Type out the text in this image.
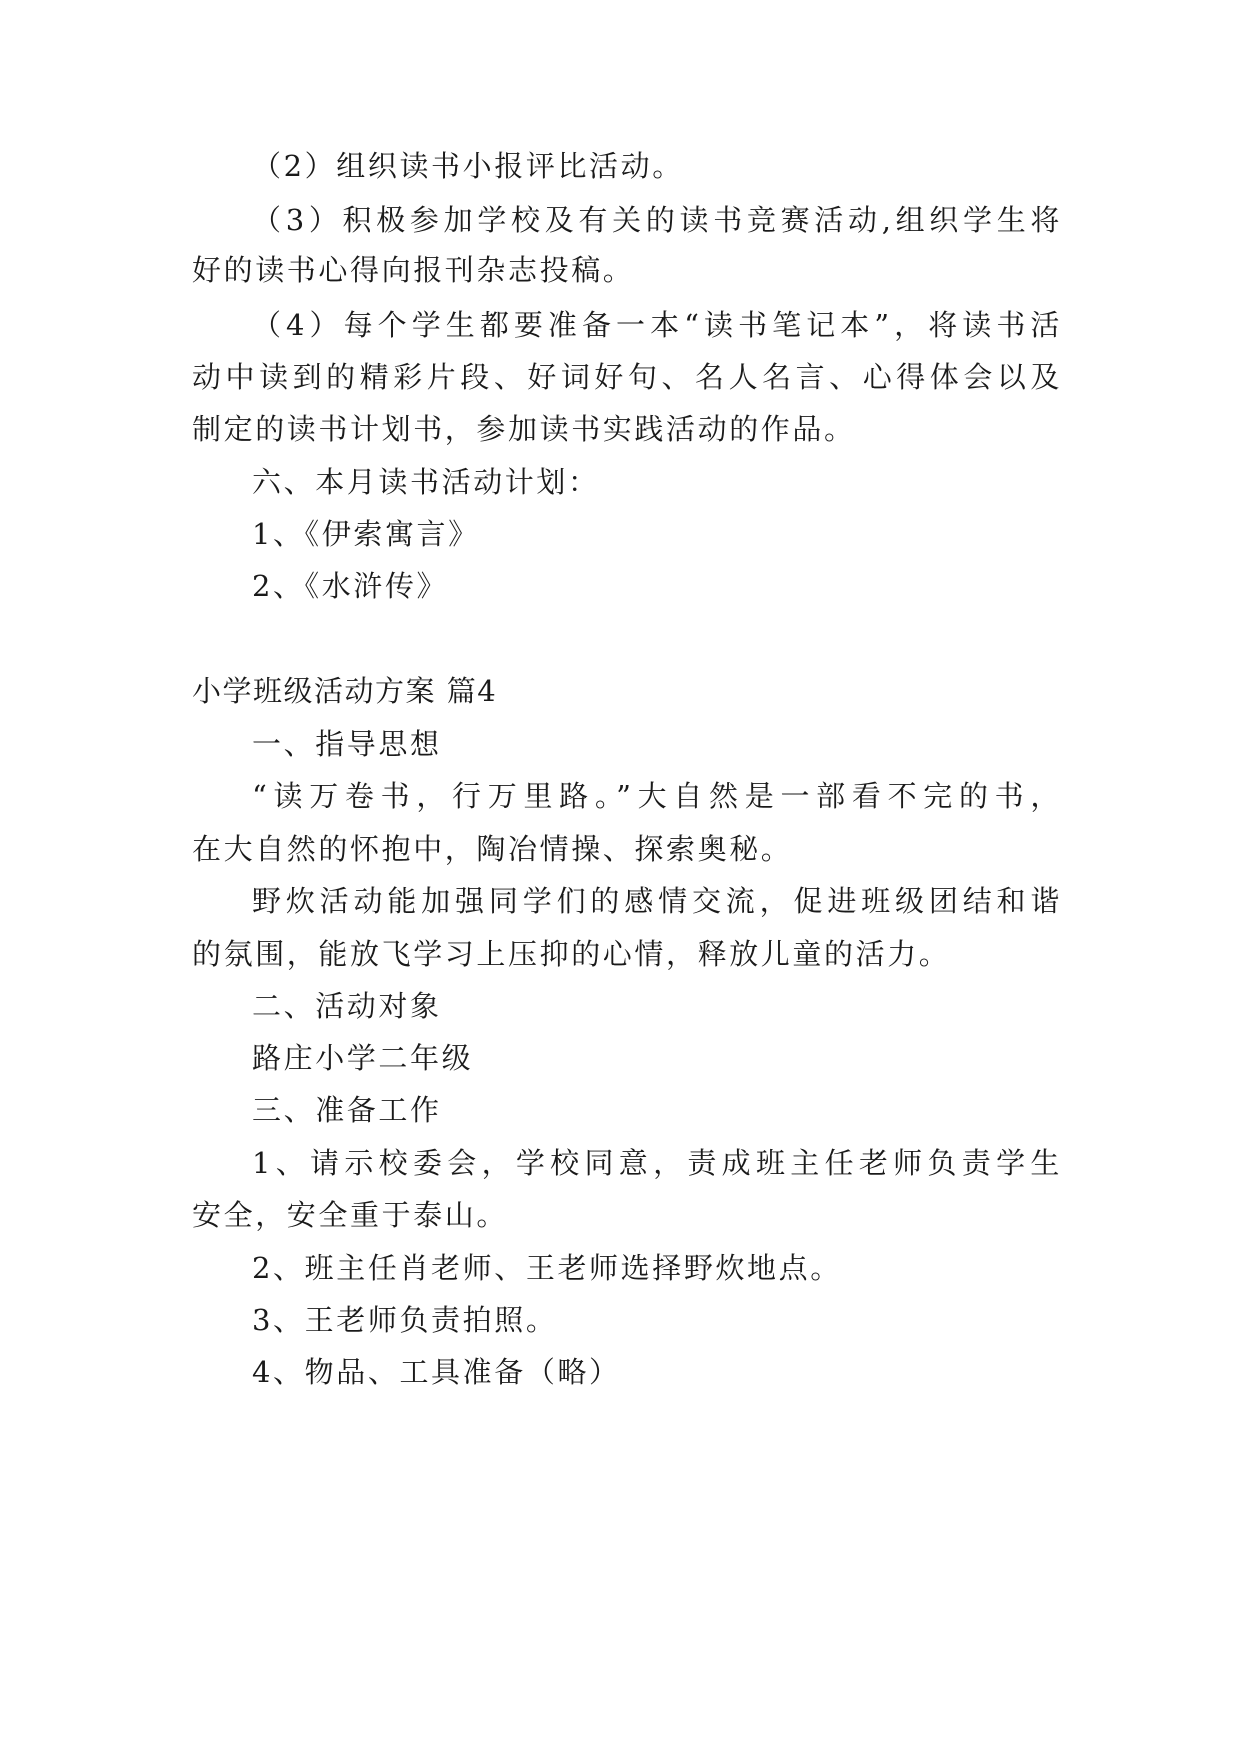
（2）组织读书小报评比活动。

（3）积极参加学校及有关的读书竞赛活动,组织学生将

好的读书心得向报刊杂志投稿。

（4）每个学生都要准备一本“读书笔记本”，将读书活

动中读到的精彩片段、好词好句、名人名言、心得体会以及

制定的读书计划书，参加读书实践活动的作品。

六、本月读书活动计划：

1、《伊索寓言》

2、《水浒传》

小学班级活动方案 篇4

一、指导思想

“读万卷书，行万里路。”大自然是一部看不完的书，

在大自然的怀抱中，陶冶情操、探索奥秘。

野炊活动能加强同学们的感情交流，促进班级团结和谐

的氛围，能放飞学习上压抑的心情，释放儿童的活力。

二、活动对象

路庄小学二年级

三、准备工作

1、请示校委会，学校同意，责成班主任老师负责学生

安全，安全重于泰山。

2、班主任肖老师、王老师选择野炊地点。

3、王老师负责拍照。

4、物品、工具准备（略）
